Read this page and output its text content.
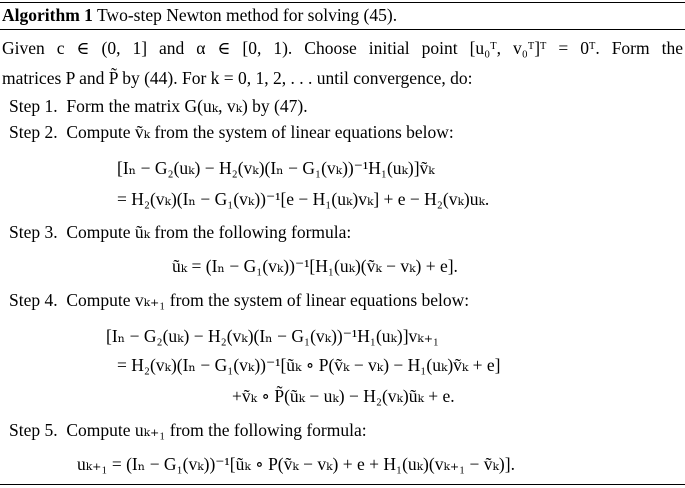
Algorithm 1 Two-step Newton method for solving (45).
Given c ∈ (0, 1] and α ∈ [0, 1). Choose initial point [u₀ᵀ, v₀ᵀ]ᵀ = 0ᵀ. Form the
matrices P and P̃ by (44). For k = 0, 1, 2, . . . until convergence, do:
Step 1. Form the matrix G(uₖ, vₖ) by (47).
Step 2. Compute ṽₖ from the system of linear equations below:
[Iₙ − G₂(uₖ) − H₂(vₖ)(Iₙ − G₁(vₖ))⁻¹H₁(uₖ)]ṽₖ
= H₂(vₖ)(Iₙ − G₁(vₖ))⁻¹[e − H₁(uₖ)vₖ] + e − H₂(vₖ)uₖ.
Step 3. Compute ũₖ from the following formula:
ũₖ = (Iₙ − G₁(vₖ))⁻¹[H₁(uₖ)(ṽₖ − vₖ) + e].
Step 4. Compute vₖ₊₁ from the system of linear equations below:
[Iₙ − G₂(uₖ) − H₂(vₖ)(Iₙ − G₁(vₖ))⁻¹H₁(uₖ)]vₖ₊₁
= H₂(vₖ)(Iₙ − G₁(vₖ))⁻¹[ũₖ ∘ P(ṽₖ − vₖ) − H₁(uₖ)ṽₖ + e]
+ṽₖ ∘ P̃(ũₖ − uₖ) − H₂(vₖ)ũₖ + e.
Step 5. Compute uₖ₊₁ from the following formula:
uₖ₊₁ = (Iₙ − G₁(vₖ))⁻¹[ũₖ ∘ P(ṽₖ − vₖ) + e + H₁(uₖ)(vₖ₊₁ − ṽₖ)].
